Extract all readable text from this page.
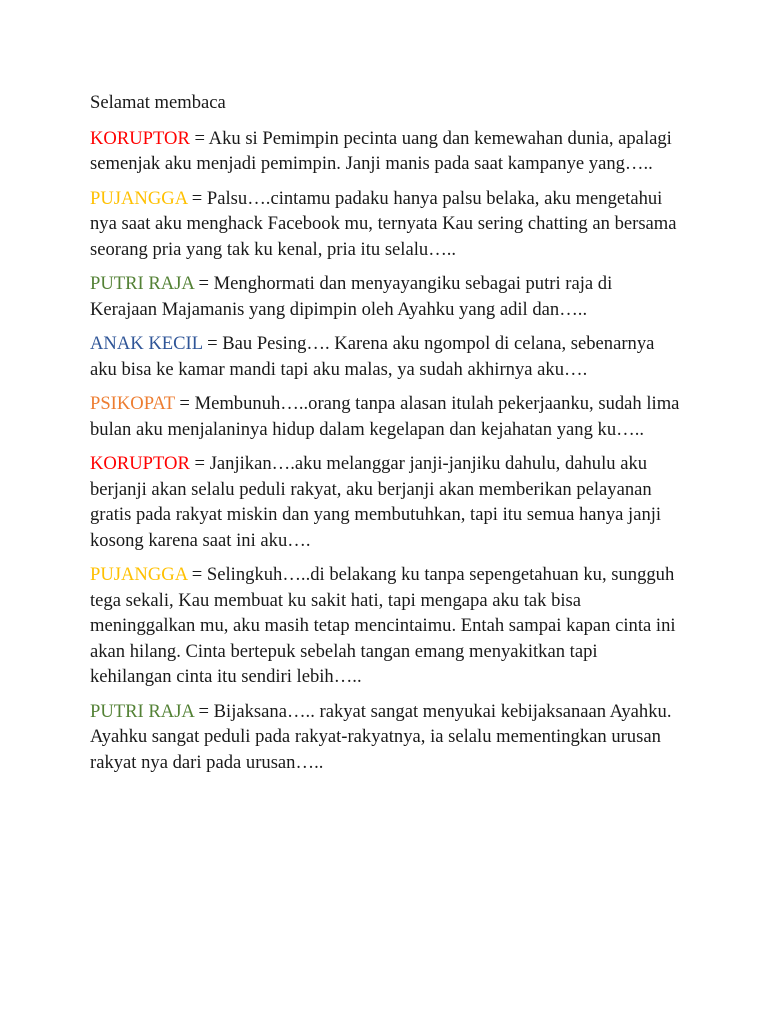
Selamat membaca

KORUPTOR = Aku si Pemimpin pecinta uang dan kemewahan dunia, apalagi semenjak aku menjadi pemimpin. Janji manis pada saat kampanye yang…..

PUJANGGA = Palsu….cintamu padaku hanya palsu belaka, aku mengetahui nya saat aku menghack Facebook mu, ternyata Kau sering chatting an bersama seorang pria yang tak ku kenal, pria itu selalu…..

PUTRI RAJA = Menghormati dan menyayangiku sebagai putri raja di Kerajaan Majamanis yang dipimpin oleh Ayahku yang adil dan…..

ANAK KECIL = Bau Pesing…. Karena aku ngompol di celana, sebenarnya aku bisa ke kamar mandi tapi aku malas, ya sudah akhirnya aku….

PSIKOPAT = Membunuh…..orang tanpa alasan itulah pekerjaanku, sudah lima bulan aku menjalaninya hidup dalam kegelapan dan kejahatan yang ku…..

KORUPTOR = Janjikan….aku melanggar janji-janjiku dahulu, dahulu aku berjanji akan selalu peduli rakyat, aku berjanji akan memberikan pelayanan gratis pada rakyat miskin dan yang membutuhkan, tapi itu semua hanya janji kosong karena saat ini aku….

PUJANGGA = Selingkuh…..di belakang ku tanpa sepengetahuan ku, sungguh tega sekali, Kau membuat ku sakit hati, tapi mengapa aku tak bisa meninggalkan mu, aku masih tetap mencintaimu. Entah sampai kapan cinta ini akan hilang. Cinta bertepuk sebelah tangan emang menyakitkan tapi kehilangan cinta itu sendiri lebih…..

PUTRI RAJA = Bijaksana….. rakyat sangat menyukai kebijaksanaan Ayahku. Ayahku sangat peduli pada rakyat-rakyatnya, ia selalu mementingkan urusan rakyat nya dari pada urusan…..
